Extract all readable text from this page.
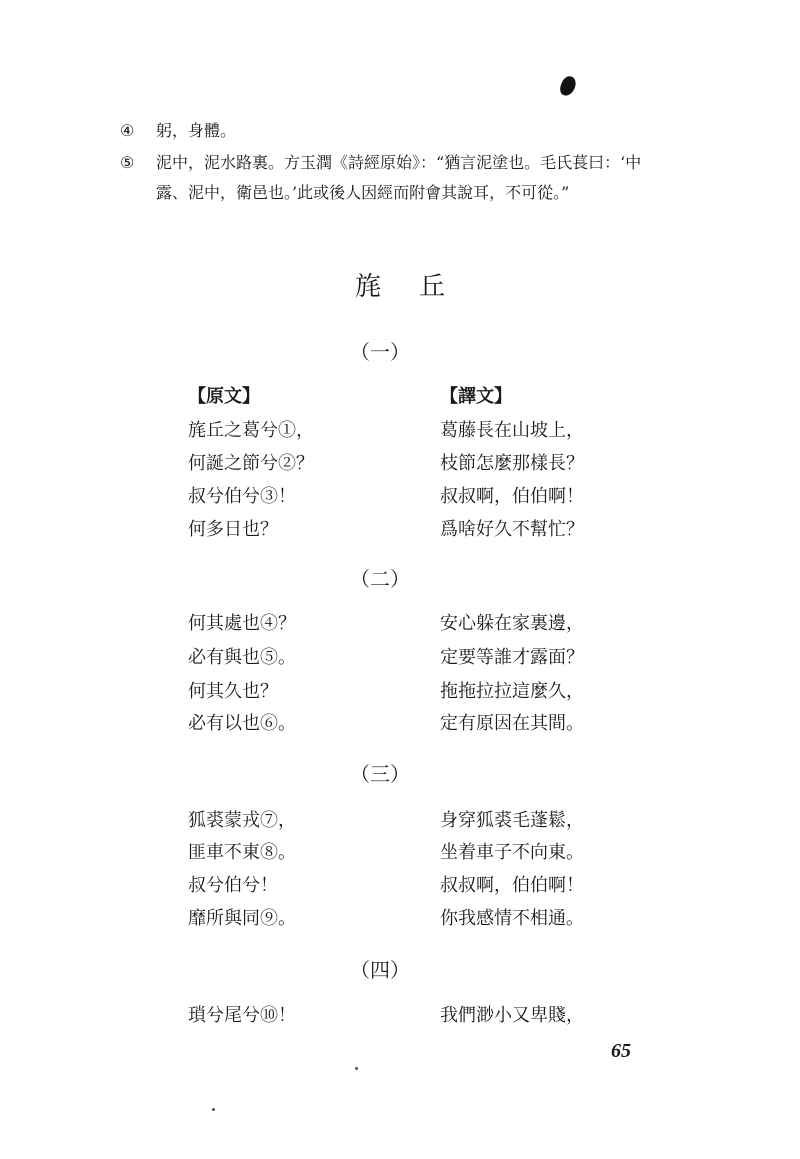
④ 躬，身體。
⑤ 泥中，泥水路裏。方玉潤《詩經原始》：“猶言泥塗也。毛氏萇曰：‘中
露、泥中，衛邑也。’此或後人因經而附會其說耳，不可從。”
旄丘
（一）
【原文】	【譯文】
旄丘之葛兮①，
何誕之節兮②？
叔兮伯兮③！
何多日也？
葛藤長在山坡上，
枝節怎麼那樣長？
叔叔啊，伯伯啊！
爲啥好久不幫忙？
（二）
何其處也④？
必有與也⑤。
何其久也？
必有以也⑥。
安心躲在家裏邊，
定要等誰才露面？
拖拖拉拉這麼久，
定有原因在其間。
（三）
狐裘蒙戎⑦，
匪車不東⑧。
叔兮伯兮！
靡所與同⑨。
身穿狐裘毛蓬鬆，
坐着車子不向東。
叔叔啊，伯伯啊！
你我感情不相通。
（四）
瑣兮尾兮⑩！	我們渺小又卑賤，
65
